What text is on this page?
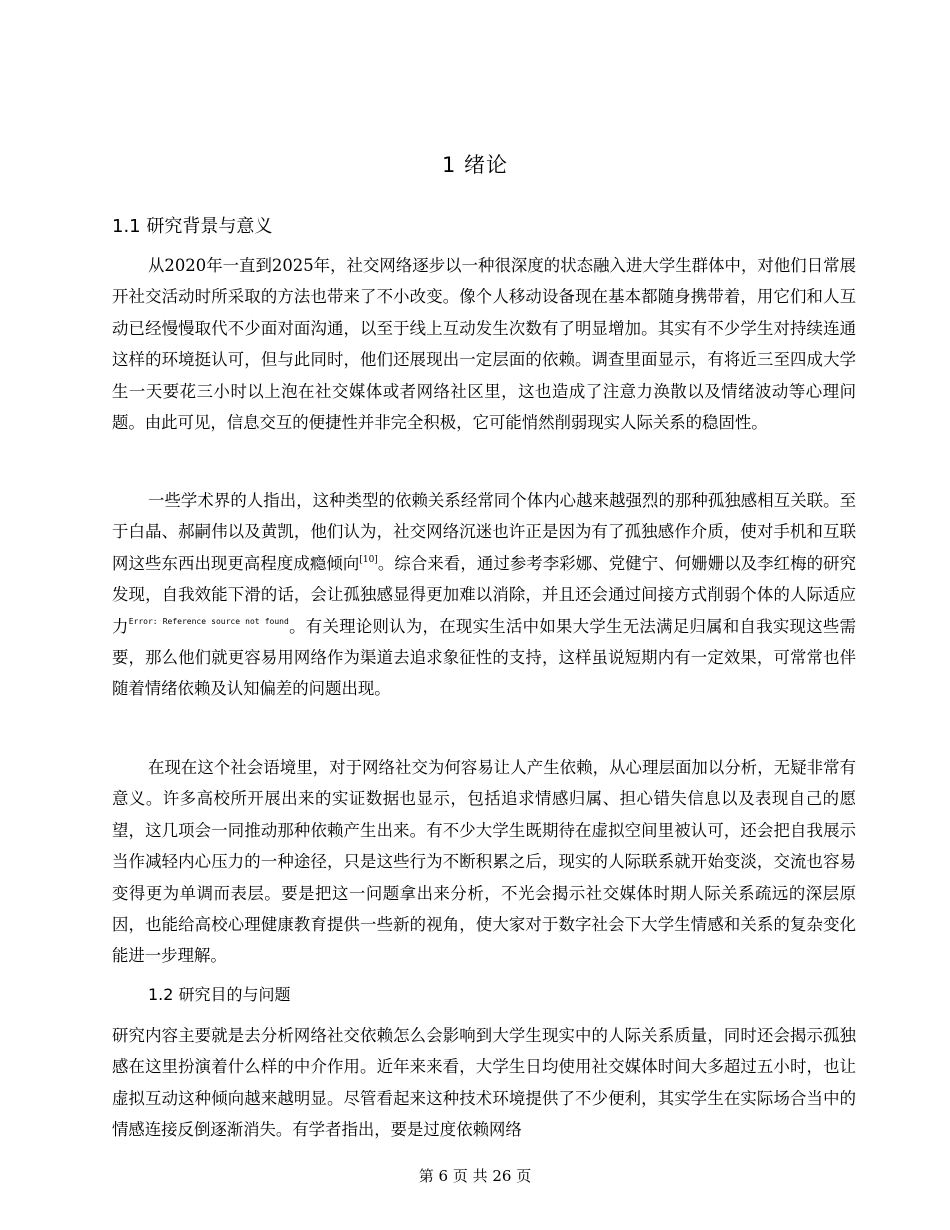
1 绪论
1.1 研究背景与意义

从2020年一直到2025年，社交网络逐步以一种很深度的状态融入进大学生群体中，对他们日常展开社交活动时所采取的方法也带来了不小改变。像个人移动设备现在基本都随身携带着，用它们和人互动已经慢慢取代不少面对面沟通，以至于线上互动发生次数有了明显增加。其实有不少学生对持续连通这样的环境挺认可，但与此同时，他们还展现出一定层面的依赖。调查里面显示，有将近三至四成大学生一天要花三小时以上泡在社交媒体或者网络社区里，这也造成了注意力涣散以及情绪波动等心理问题。由此可见，信息交互的便捷性并非完全积极，它可能悄然削弱现实人际关系的稳固性。

一些学术界的人指出，这种类型的依赖关系经常同个体内心越来越强烈的那种孤独感相互关联。至于白晶、郝嗣伟以及黄凯，他们认为，社交网络沉迷也许正是因为有了孤独感作介质，使对手机和互联网这些东西出现更高程度成瘾倾向[10]。综合来看，通过参考李彩娜、党健宁、何姗姗以及李红梅的研究发现，自我效能下滑的话，会让孤独感显得更加难以消除，并且还会通过间接方式削弱个体的人际适应力$^{Error: Reference source not found}$。有关理论则认为，在现实生活中如果大学生无法满足归属和自我实现这些需要，那么他们就更容易用网络作为渠道去追求象征性的支持，这样虽说短期内有一定效果，可常常也伴随着情绪依赖及认知偏差的问题出现。

在现在这个社会语境里，对于网络社交为何容易让人产生依赖，从心理层面加以分析，无疑非常有意义。许多高校所开展出来的实证数据也显示，包括追求情感归属、担心错失信息以及表现自己的愿望，这几项会一同推动那种依赖产生出来。有不少大学生既期待在虚拟空间里被认可，还会把自我展示当作减轻内心压力的一种途径，只是这些行为不断积累之后，现实的人际联系就开始变淡，交流也容易变得更为单调而表层。要是把这一问题拿出来分析，不光会揭示社交媒体时期人际关系疏远的深层原因，也能给高校心理健康教育提供一些新的视角，使大家对于数字社会下大学生情感和关系的复杂变化能进一步理解。

1.2 研究目的与问题

研究内容主要就是去分析网络社交依赖怎么会影响到大学生现实中的人际关系质量，同时还会揭示孤独感在这里扮演着什么样的中介作用。近年来来看，大学生日均使用社交媒体时间大多超过五小时，也让虚拟互动这种倾向越来越明显。尽管看起来这种技术环境提供了不少便利，其实学生在实际场合当中的情感连接反倒逐渐消失。有学者指出，要是过度依赖网络

第 6 页 共 26 页
